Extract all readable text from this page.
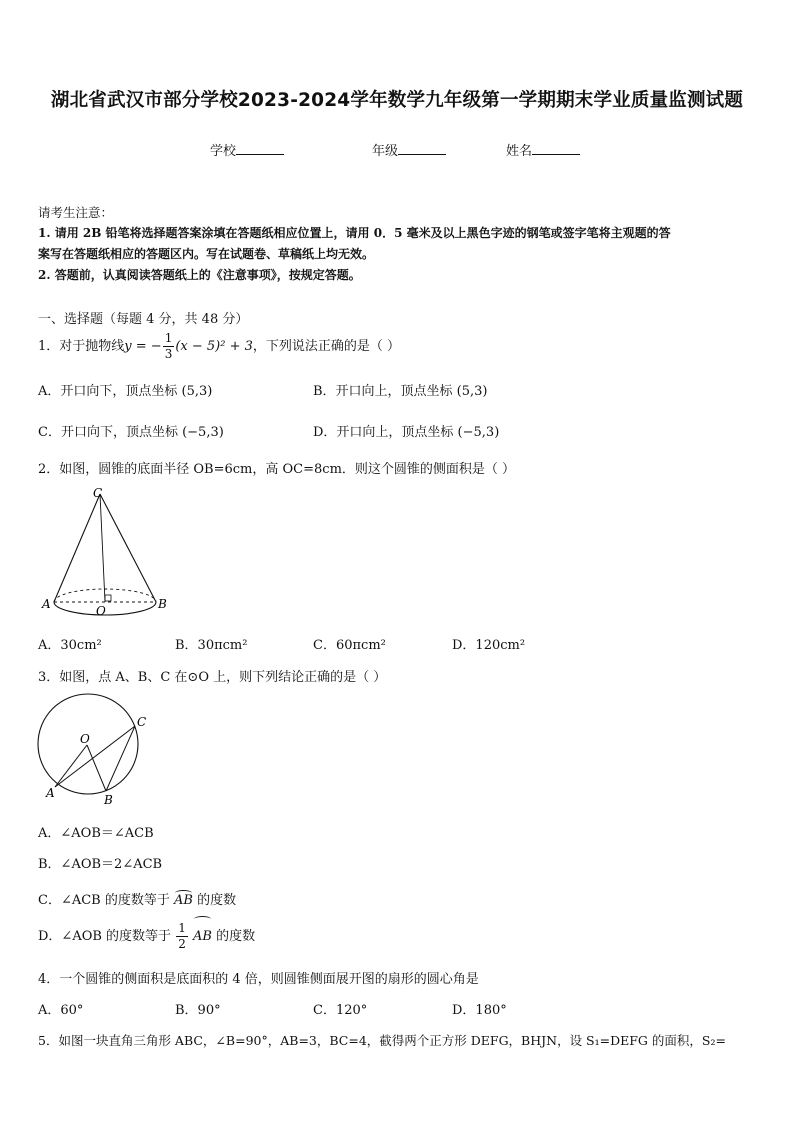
湖北省武汉市部分学校2023-2024学年数学九年级第一学期期末学业质量监测试题
学校	年级	姓名
请考生注意：
1. 请用 2B 铅笔将选择题答案涂填在答题纸相应位置上，请用 0．5 毫米及以上黑色字迹的钢笔或签字笔将主观题的答
案写在答题纸相应的答题区内。写在试题卷、草稿纸上均无效。
2. 答题前，认真阅读答题纸上的《注意事项》，按规定答题。
一、选择题（每题 4 分，共 48 分）
1．对于抛物线y = − $\frac{1}{3} (x - 5)^2 + 3$，下列说法正确的是（ ）
A．开口向下，顶点坐标 (5,3)	B．开口向上，顶点坐标 (5,3)
C．开口向下，顶点坐标 (−5,3)	D．开口向上，顶点坐标 (−5,3)
2．如图，圆锥的底面半径 OB=6cm，高 OC=8cm．则这个圆锥的侧面积是（ ）
C
A	B
O
A．30cm²	B．30πcm²	C．60πcm²	D．120cm²
3．如图，点 A、B、C 在⊙O 上，则下列结论正确的是（ ）
O
C
A	B
A．∠AOB＝∠ACB
B．∠AOB＝2∠ACB
C．∠ACB 的度数等于 AB 的度数
D．∠AOB 的度数等于 $\frac{1}{2}$ AB 的度数
4．一个圆锥的侧面积是底面积的 4 倍，则圆锥侧面展开图的扇形的圆心角是
A．60°	B．90°	C．120°	D．180°
5．如图一块直角三角形 ABC，∠B=90°，AB=3，BC=4，截得两个正方形 DEFG，BHJN，设 S₁=DEFG 的面积，S₂=
